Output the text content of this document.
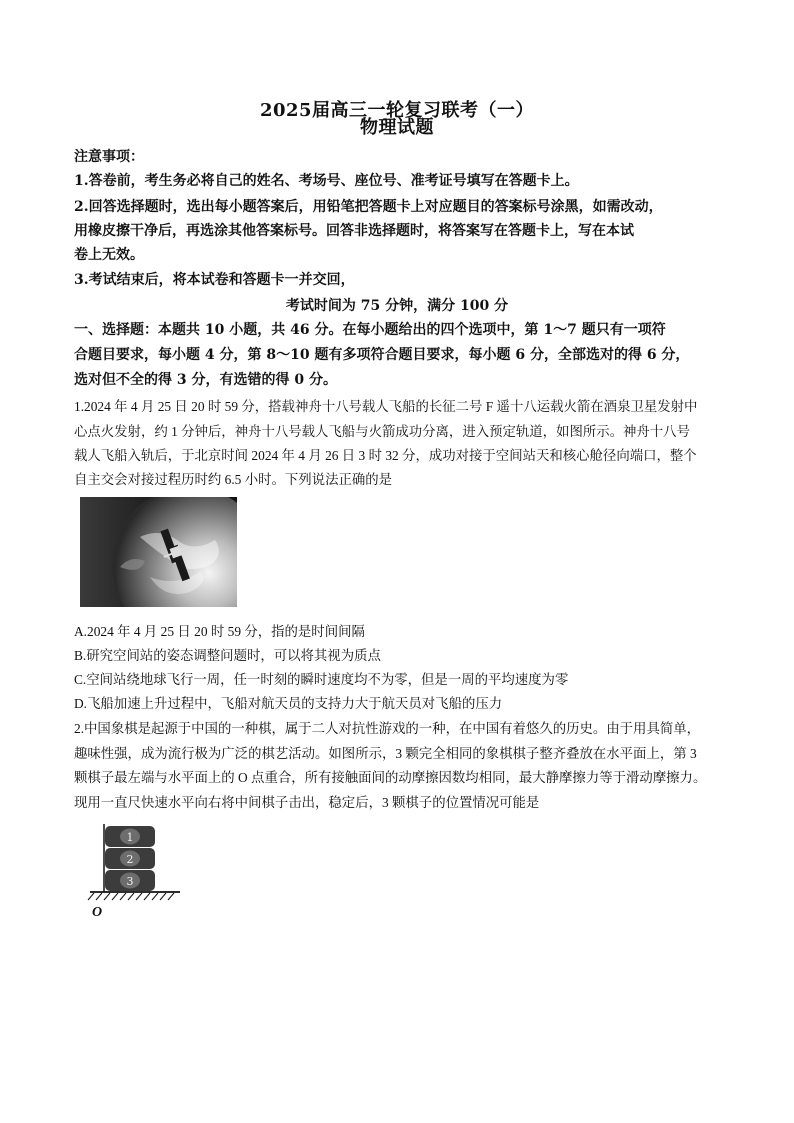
2025届高三一轮复习联考（一）
物理试题
注意事项：
1.答卷前，考生务必将自己的姓名、考场号、座位号、准考证号填写在答题卡上。
2.回答选择题时，选出每小题答案后，用铅笔把答题卡上对应题目的答案标号涂黑，如需改动，
用橡皮擦干净后，再选涂其他答案标号。回答非选择题时，将答案写在答题卡上，写在本试
卷上无效。
3.考试结束后，将本试卷和答题卡一并交回，
考试时间为 75 分钟，满分 100 分
一、选择题：本题共 10 小题，共 46 分。在每小题给出的四个选项中，第 1～7 题只有一项符
合题目要求，每小题 4 分，第 8～10 题有多项符合题目要求，每小题 6 分，全部选对的得 6 分，
选对但不全的得 3 分，有选错的得 0 分。
1.2024 年 4 月 25 日 20 时 59 分，搭载神舟十八号载人飞船的长征二号 F 遥十八运载火箭在酒泉卫星发射中
心点火发射，约 1 分钟后，神舟十八号载人飞船与火箭成功分离，进入预定轨道，如图所示。神舟十八号
载人飞船入轨后，于北京时间 2024 年 4 月 26 日 3 时 32 分，成功对接于空间站天和核心舱径向端口，整个
自主交会对接过程历时约 6.5 小时。下列说法正确的是
A.2024 年 4 月 25 日 20 时 59 分，指的是时间间隔
B.研究空间站的姿态调整问题时，可以将其视为质点
C.空间站绕地球飞行一周，任一时刻的瞬时速度均不为零，但是一周的平均速度为零
D.飞船加速上升过程中，飞船对航天员的支持力大于航天员对飞船的压力
2.中国象棋是起源于中国的一种棋，属于二人对抗性游戏的一种，在中国有着悠久的历史。由于用具简单，
趣味性强，成为流行极为广泛的棋艺活动。如图所示，3 颗完全相同的象棋棋子整齐叠放在水平面上，第 3
颗棋子最左端与水平面上的 O 点重合，所有接触面间的动摩擦因数均相同，最大静摩擦力等于滑动摩擦力。
现用一直尺快速水平向右将中间棋子击出，稳定后，3 颗棋子的位置情况可能是
1
2
3
O
